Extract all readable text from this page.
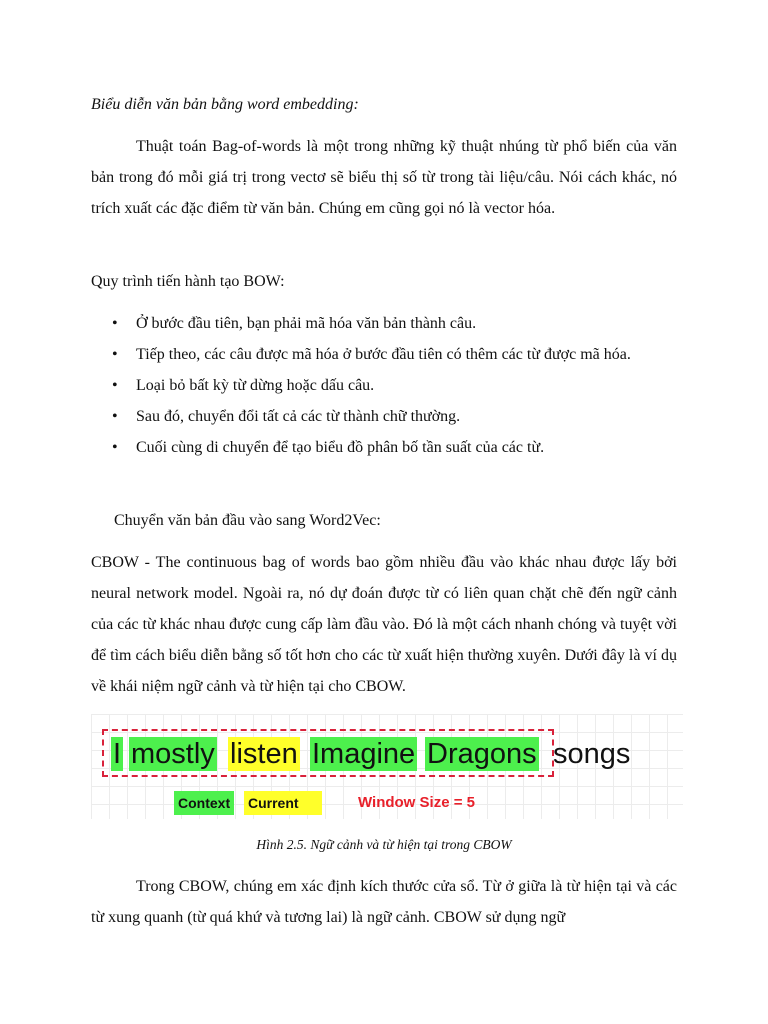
Biểu diễn văn bản bằng word embedding:

Thuật toán Bag-of-words là một trong những kỹ thuật nhúng từ phổ biến của văn bản trong đó mỗi giá trị trong vectơ sẽ biểu thị số từ trong tài liệu/câu. Nói cách khác, nó trích xuất các đặc điểm từ văn bản. Chúng em cũng gọi nó là vector hóa.

Quy trình tiến hành tạo BOW:

• Ở bước đầu tiên, bạn phải mã hóa văn bản thành câu.
• Tiếp theo, các câu được mã hóa ở bước đầu tiên có thêm các từ được mã hóa.
• Loại bỏ bất kỳ từ dừng hoặc dấu câu.
• Sau đó, chuyển đổi tất cả các từ thành chữ thường.
• Cuối cùng di chuyển để tạo biểu đồ phân bố tần suất của các từ.

Chuyển văn bản đầu vào sang Word2Vec:

CBOW - The continuous bag of words bao gồm nhiều đầu vào khác nhau được lấy bởi neural network model. Ngoài ra, nó dự đoán được từ có liên quan chặt chẽ đến ngữ cảnh của các từ khác nhau được cung cấp làm đầu vào. Đó là một cách nhanh chóng và tuyệt vời để tìm cách biểu diễn bằng số tốt hơn cho các từ xuất hiện thường xuyên. Dưới đây là ví dụ về khái niệm ngữ cảnh và từ hiện tại cho CBOW.

I mostly listen Imagine Dragons songs
Context Current	Window Size = 5

Hình 2.5. Ngữ cảnh và từ hiện tại trong CBOW

Trong CBOW, chúng em xác định kích thước cửa sổ. Từ ở giữa là từ hiện tại và các từ xung quanh (từ quá khứ và tương lai) là ngữ cảnh. CBOW sử dụng ngữ
